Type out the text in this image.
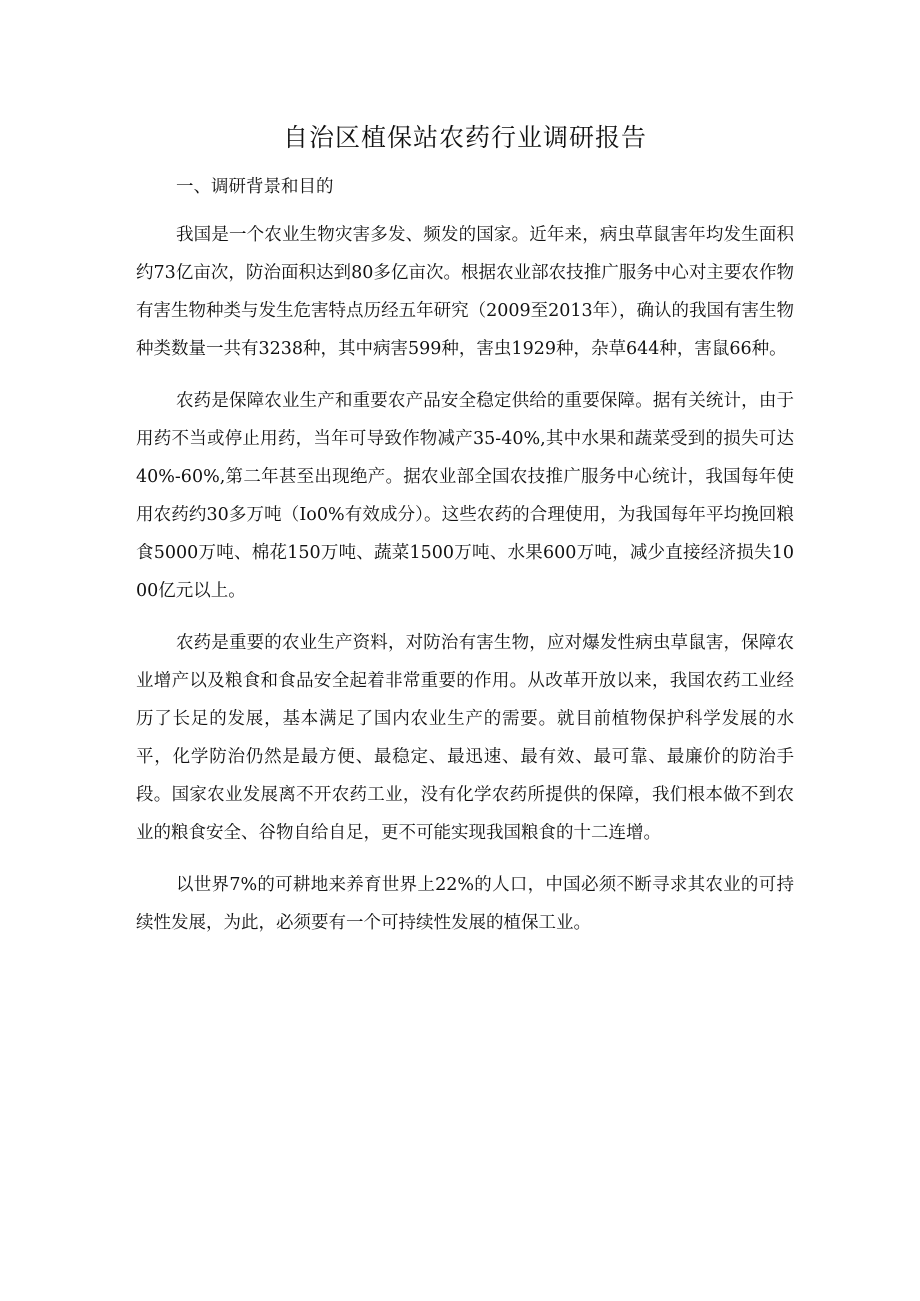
自治区植保站农药行业调研报告

一、调研背景和目的

我国是一个农业生物灾害多发、频发的国家。近年来，病虫草鼠害年均发生面积约73亿亩次，防治面积达到80多亿亩次。根据农业部农技推广服务中心对主要农作物有害生物种类与发生危害特点历经五年研究（2009至2013年），确认的我国有害生物种类数量一共有3238种，其中病害599种，害虫1929种，杂草644种，害鼠66种。

农药是保障农业生产和重要农产品安全稳定供给的重要保障。据有关统计，由于用药不当或停止用药，当年可导致作物减产35-40%,其中水果和蔬菜受到的损失可达40%-60%,第二年甚至出现绝产。据农业部全国农技推广服务中心统计，我国每年使用农药约30多万吨（Io0%有效成分）。这些农药的合理使用，为我国每年平均挽回粮食5000万吨、棉花150万吨、蔬菜1500万吨、水果600万吨，减少直接经济损失1000亿元以上。

农药是重要的农业生产资料，对防治有害生物，应对爆发性病虫草鼠害，保障农业增产以及粮食和食品安全起着非常重要的作用。从改革开放以来，我国农药工业经历了长足的发展，基本满足了国内农业生产的需要。就目前植物保护科学发展的水平，化学防治仍然是最方便、最稳定、最迅速、最有效、最可靠、最廉价的防治手段。国家农业发展离不开农药工业，没有化学农药所提供的保障，我们根本做不到农业的粮食安全、谷物自给自足，更不可能实现我国粮食的十二连增。

以世界7%的可耕地来养育世界上22%的人口，中国必须不断寻求其农业的可持续性发展，为此，必须要有一个可持续性发展的植保工业。
